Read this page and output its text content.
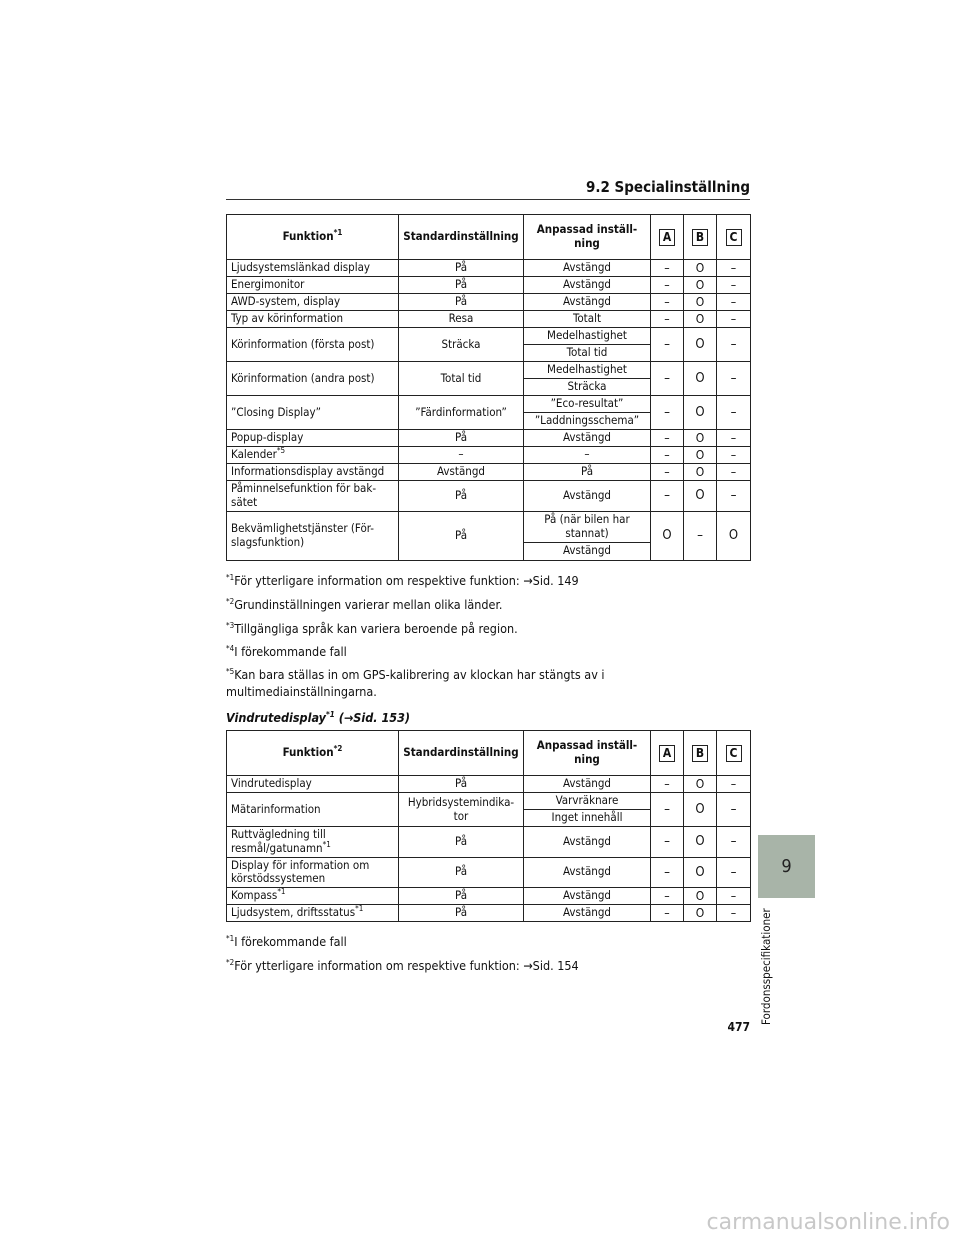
9.2 Specialinställning
Funktion$^{*1}$	Standardinställning	Anpassad inställ-ning	A	B	C
Ljudsystemslänkad display	På	Avstängd	–	O	–
Energimonitor	På	Avstängd	–	O	–
AWD-system, display	På	Avstängd	–	O	–
Typ av körinformation	Resa	Totalt	–	O	–
Körinformation (första post)	Sträcka	Medelhastighet	–	O	–
		Total tid			
Körinformation (andra post)	Total tid	Medelhastighet	–	O	–
		Sträcka			
”Closing Display”	”Färdinformation”	”Eco-resultat”	–	O	–
		”Laddningsschema”			
Popup-display	På	Avstängd	–	O	–
Kalender$^{*5}$	–	–	–	O	–
Informationsdisplay avstängd	Avstängd	På	–	O	–
Påminnelsefunktion för bak-sätet	På	Avstängd	–	O	–
Bekvämlighetstjänster (För-slagsfunktion)	På	På (när bilen har stannat)	O	–	O
		Avstängd			
$^{*1}$För ytterligare information om respektive funktion: →Sid. 149
$^{*2}$Grundinställningen varierar mellan olika länder.
$^{*3}$Tillgängliga språk kan variera beroende på region.
$^{*4}$I förekommande fall
$^{*5}$Kan bara ställas in om GPS-kalibrering av klockan har stängts av i multimediainställningarna.
Vindrutedisplay$^{*1}$ (→Sid. 153)
Funktion$^{*2}$	Standardinställning	Anpassad inställ-ning	A	B	C
Vindrutedisplay	På	Avstängd	–	O	–
Mätarinformation	Hybridsystemindika-tor	Varvräknare	–	O	–
		Inget innehåll			
Ruttvägledning till resmål/gatunamn$^{*1}$	På	Avstängd	–	O	–
Display för information om körstödssystemen	På	Avstängd	–	O	–
Kompass$^{*1}$	På	Avstängd	–	O	–
Ljudsystem, driftsstatus$^{*1}$	På	Avstängd	–	O	–
$^{*1}$I förekommande fall
$^{*2}$För ytterligare information om respektive funktion: →Sid. 154
9
Fordonsspecifikationer
477
carmanualsonline.info
